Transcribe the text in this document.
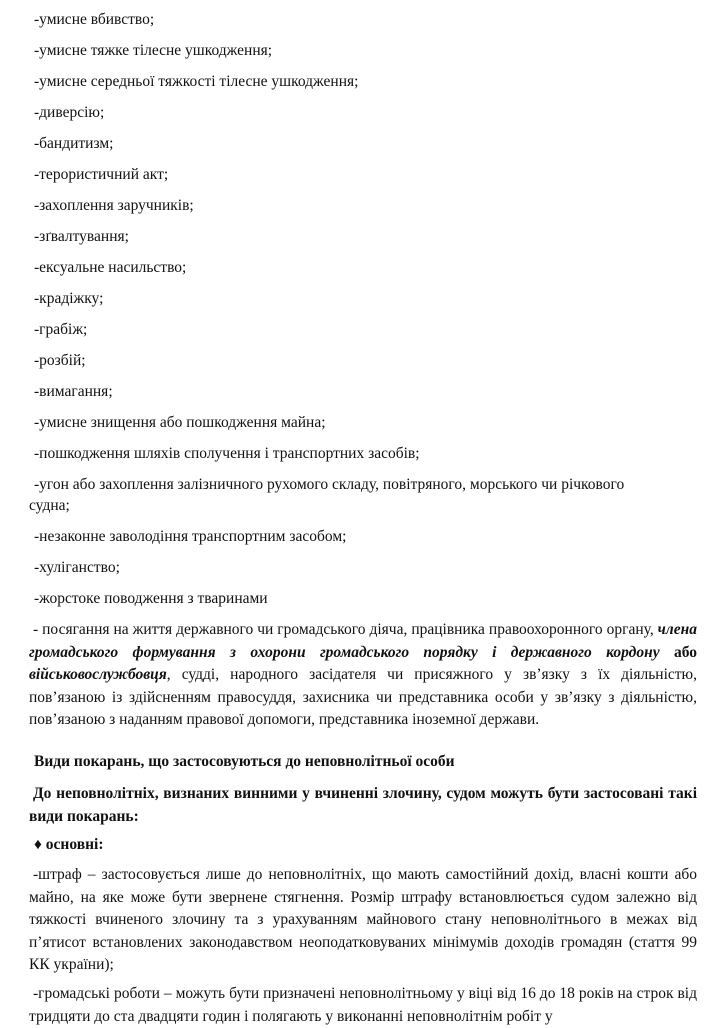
-умисне вбивство;
-умисне тяжке тілесне ушкодження;
-умисне середньої тяжкості тілесне ушкодження;
-диверсію;
-бандитизм;
-терористичний акт;
-захоплення заручників;
-зґвалтування;
-ексуальне насильство;
-крадіжку;
-грабіж;
-розбій;
-вимагання;
-умисне знищення або пошкодження майна;
-пошкодження шляхів сполучення і транспортних засобів;
-угон або захоплення залізничного рухомого складу, повітряного, морського чи річкового
судна;
-незаконне заволодіння транспортним засобом;
-хуліганство;
-жорстоке поводження з тваринами
- посягання на життя державного чи громадського діяча, працівника правоохоронного органу, члена громадського формування з охорони громадського порядку і державного кордону або військовослужбовця, судді, народного засідателя чи присяжного у зв’язку з їх діяльністю, пов’язаною із здійсненням правосуддя, захисника чи представника особи у зв’язку з діяльністю, пов’язаною з наданням правової допомоги, представника іноземної держави.
Види покарань, що застосовуються до неповнолітньої особи
До неповнолітніх, визнаних винними у вчиненні злочину, судом можуть бути застосовані такі види покарань:
♦ основні:
-штраф – застосовується лише до неповнолітніх, що мають самостійний дохід, власні кошти або майно, на яке може бути звернене стягнення. Розмір штрафу встановлюється судом залежно від тяжкості вчиненого злочину та з урахуванням майнового стану неповнолітнього в межах від п’ятисот встановлених законодавством неоподатковуваних мінімумів доходів громадян (стаття 99 КК україни);
-громадські роботи – можуть бути призначені неповнолітньому у віці від 16 до 18 років на строк від тридцяти до ста двадцяти годин і полягають у виконанні неповнолітнім робіт у
